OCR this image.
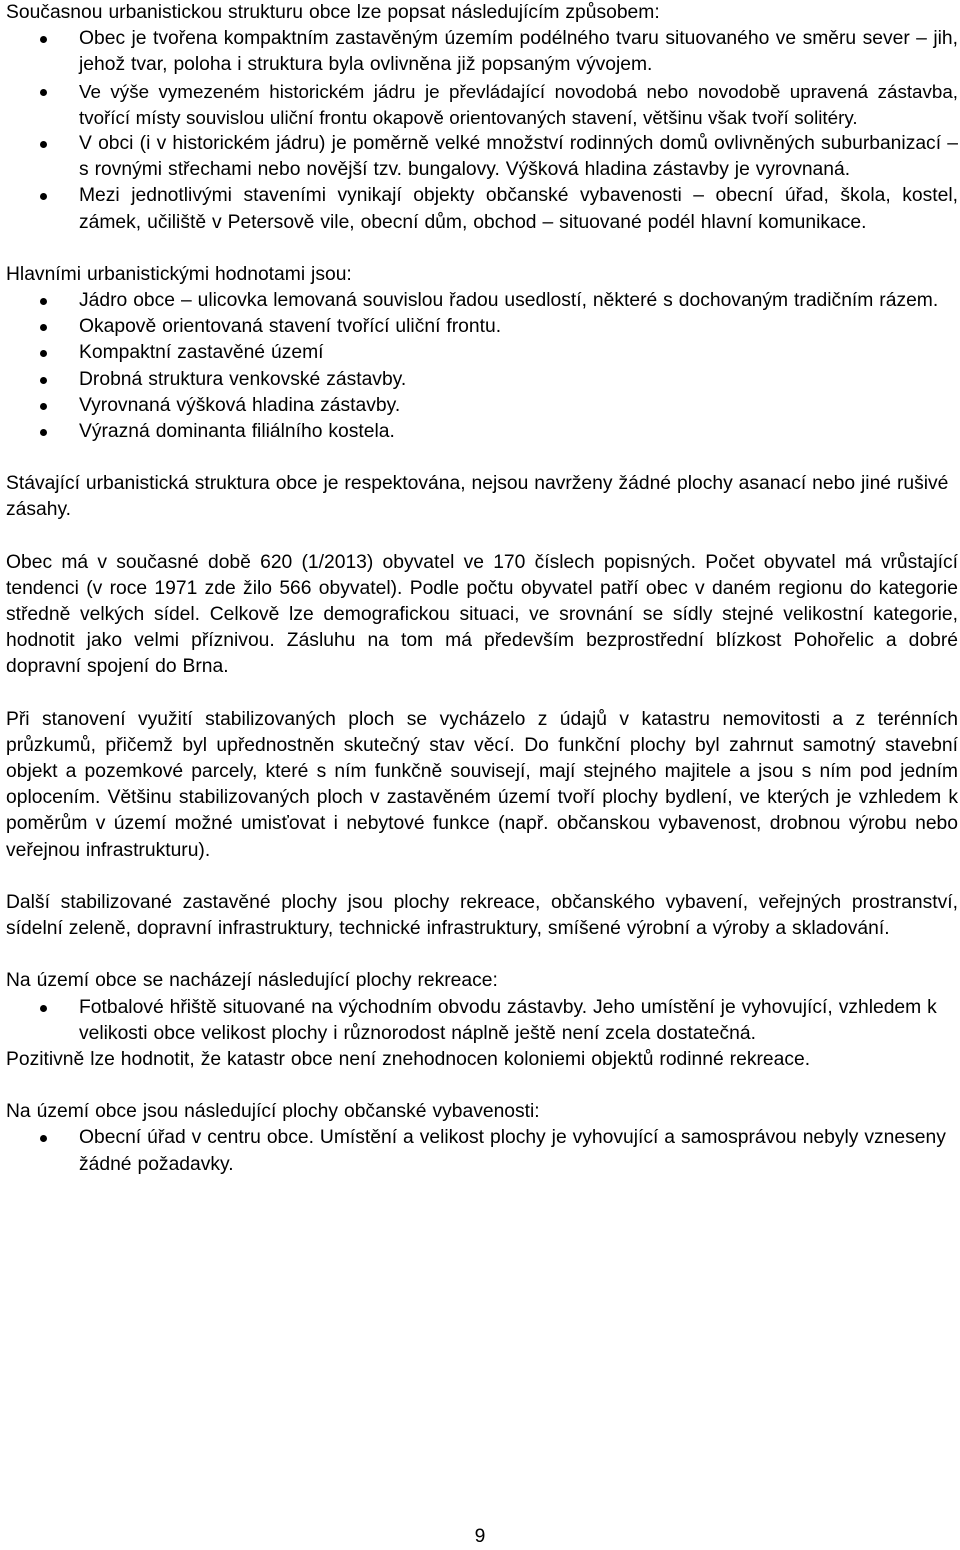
Současnou urbanistickou strukturu obce lze popsat následujícím způsobem:

Obec je tvořena kompaktním zastavěným územím podélného tvaru situovaného ve směru sever – jih, jehož tvar, poloha i struktura byla ovlivněna již popsaným vývojem.
Ve výše vymezeném historickém jádru je převládající novodobá nebo novodobě upravená zástavba, tvořící místy souvislou uliční frontu okapově orientovaných stavení, většinu však tvoří solitéry.
V obci (i v historickém jádru) je poměrně velké množství rodinných domů ovlivněných suburbanizací – s rovnými střechami nebo novější tzv. bungalovy. Výšková hladina zástavby je vyrovnaná.
Mezi jednotlivými staveními vynikají objekty občanské vybavenosti – obecní úřad, škola, kostel, zámek, učiliště v Petersově vile, obecní dům, obchod – situované podél hlavní komunikace.

Hlavními urbanistickými hodnotami jsou:

Jádro obce – ulicovka lemovaná souvislou řadou usedlostí, některé s dochovaným tradičním rázem.
Okapově orientovaná stavení tvořící uliční frontu.
Kompaktní zastavěné území
Drobná struktura venkovské zástavby.
Vyrovnaná výšková hladina zástavby.
Výrazná dominanta filiálního kostela.

Stávající urbanistická struktura obce je respektována, nejsou navrženy žádné plochy asanací nebo jiné rušivé zásahy.

Obec má v současné době 620 (1/2013) obyvatel ve 170 číslech popisných. Počet obyvatel má vrůstající tendenci (v roce 1971 zde žilo 566 obyvatel). Podle počtu obyvatel patří obec v daném regionu do kategorie středně velkých sídel. Celkově lze demografickou situaci, ve srovnání se sídly stejné velikostní kategorie, hodnotit jako velmi příznivou. Zásluhu na tom má především bezprostřední blízkost Pohořelic a dobré dopravní spojení do Brna.

Při stanovení využití stabilizovaných ploch se vycházelo z údajů v katastru nemovitosti a z terénních průzkumů, přičemž byl upřednostněn skutečný stav věcí. Do funkční plochy byl zahrnut samotný stavební objekt a pozemkové parcely, které s ním funkčně souvisejí, mají stejného majitele a jsou s ním pod jedním oplocením. Většinu stabilizovaných ploch v zastavěném území tvoří plochy bydlení, ve kterých je vzhledem k poměrům v území možné umisťovat i nebytové funkce (např. občanskou vybavenost, drobnou výrobu nebo veřejnou infrastrukturu).

Další stabilizované zastavěné plochy jsou plochy rekreace, občanského vybavení, veřejných prostranství, sídelní zeleně, dopravní infrastruktury, technické infrastruktury, smíšené výrobní a výroby a skladování.

Na území obce se nacházejí následující plochy rekreace:

Fotbalové hřiště situované na východním obvodu zástavby. Jeho umístění je vyhovující, vzhledem k velikosti obce velikost plochy i různorodost náplně ještě není zcela dostatečná.

Pozitivně lze hodnotit, že katastr obce není znehodnocen koloniemi objektů rodinné rekreace.

Na území obce jsou následující plochy občanské vybavenosti:

Obecní úřad v centru obce. Umístění a velikost plochy je vyhovující a samosprávou nebyly vzneseny žádné požadavky.
9
